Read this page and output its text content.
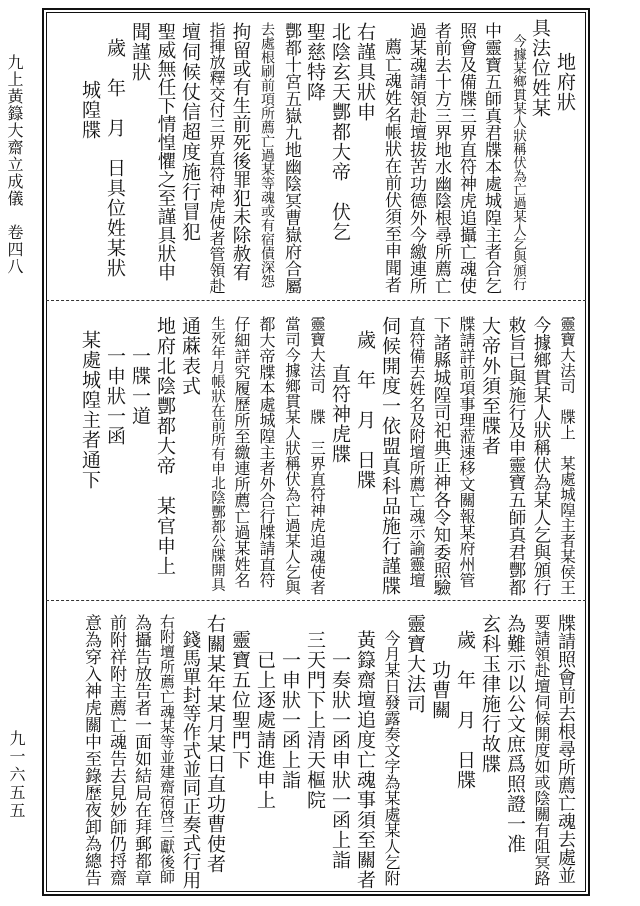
九上黃籙大齋立成儀　卷四八
九一六五五
地府狀
具法位姓某
今據某鄉貫某人狀稱伏為亡過某人乞與頒行
中靈寶五師真君牒本處城隍主者合乞
照會及備牒三界直符神虎追攝亡魂使
者前去十方三界地水幽陰根尋所薦亡
過某魂請領赴壇拔苦功德外今繳連所
薦亡魂姓名帳狀在前伏須至申聞者
右謹具狀申
北陰玄天酆都大帝　伏乞
聖慈特降
酆都十宮五嶽九地幽陰冥曹嶽府合屬
去處根刷前項所薦亡過某等魂或有宿債深怨
拘留或有生前死後罪犯未除赦宥
指揮放釋交付三界直符神虎使者管領赴
壇伺候仗信超度施行冒犯
聖威無任下情惶懼之至謹具狀申
聞謹狀
歲　年　月　日具位姓某狀
城隍牒
靈寶大法司　牒上　某處城隍主者某侯王
今據鄉貫某人狀稱伏為某人乞與頒行
敕旨已與施行及申靈寶五師真君酆都
大帝外須至牒者
牒請詳前項事理蒞速移文關報某府州管
下諸縣城隍司祀典正神各令知委照驗
直符備去姓名及附壇所薦亡魂示諭靈壇
伺候開度一依盟真科品施行謹牒
歲　年　月　日牒
直符神虎牒
靈寶大法司　牒　三界直符神虎追魂使者
當司今據鄉貫某人狀稱伏為亡過某人乞與
都大帝牒本處城隍主者外合行牒請直符
仔細詳究履歷所至繳連所薦亡過某姓名
生死年月帳狀在前所有申北陰酆都公牒開具
通蔴表式
地府北陰酆都大帝　某官申上
一牒一道
一申狀一函
某處城隍主者通下
牒請照會前去根尋所薦亡魂去處並
要請領赴壇伺候開度如或陰關有阻冥路
為難示以公文庶爲照證一准
玄科玉律施行故牒
歲　年　月　日牒
功曹關
靈寶大法司
今月某日發露奏文字為某處某人乞附
黃籙齋壇追度亡魂事須至關者
一奏狀一函申狀一函上詣
三天門下上清天樞院
一申狀一函上詣
已上逐處請進申上
靈寶五位聖門下
右關某年某月某日直功曹使者
錢馬單封等作式並同正奏式行用
右附壇所薦亡魂某等並建齋宿啓三獻後師
為攝告放告者一面如結局在拜郵都章
前附祥附主薦亡魂告去見妙師仍捋齋
意為穿入神虎關中至錄歷夜卸為總告
